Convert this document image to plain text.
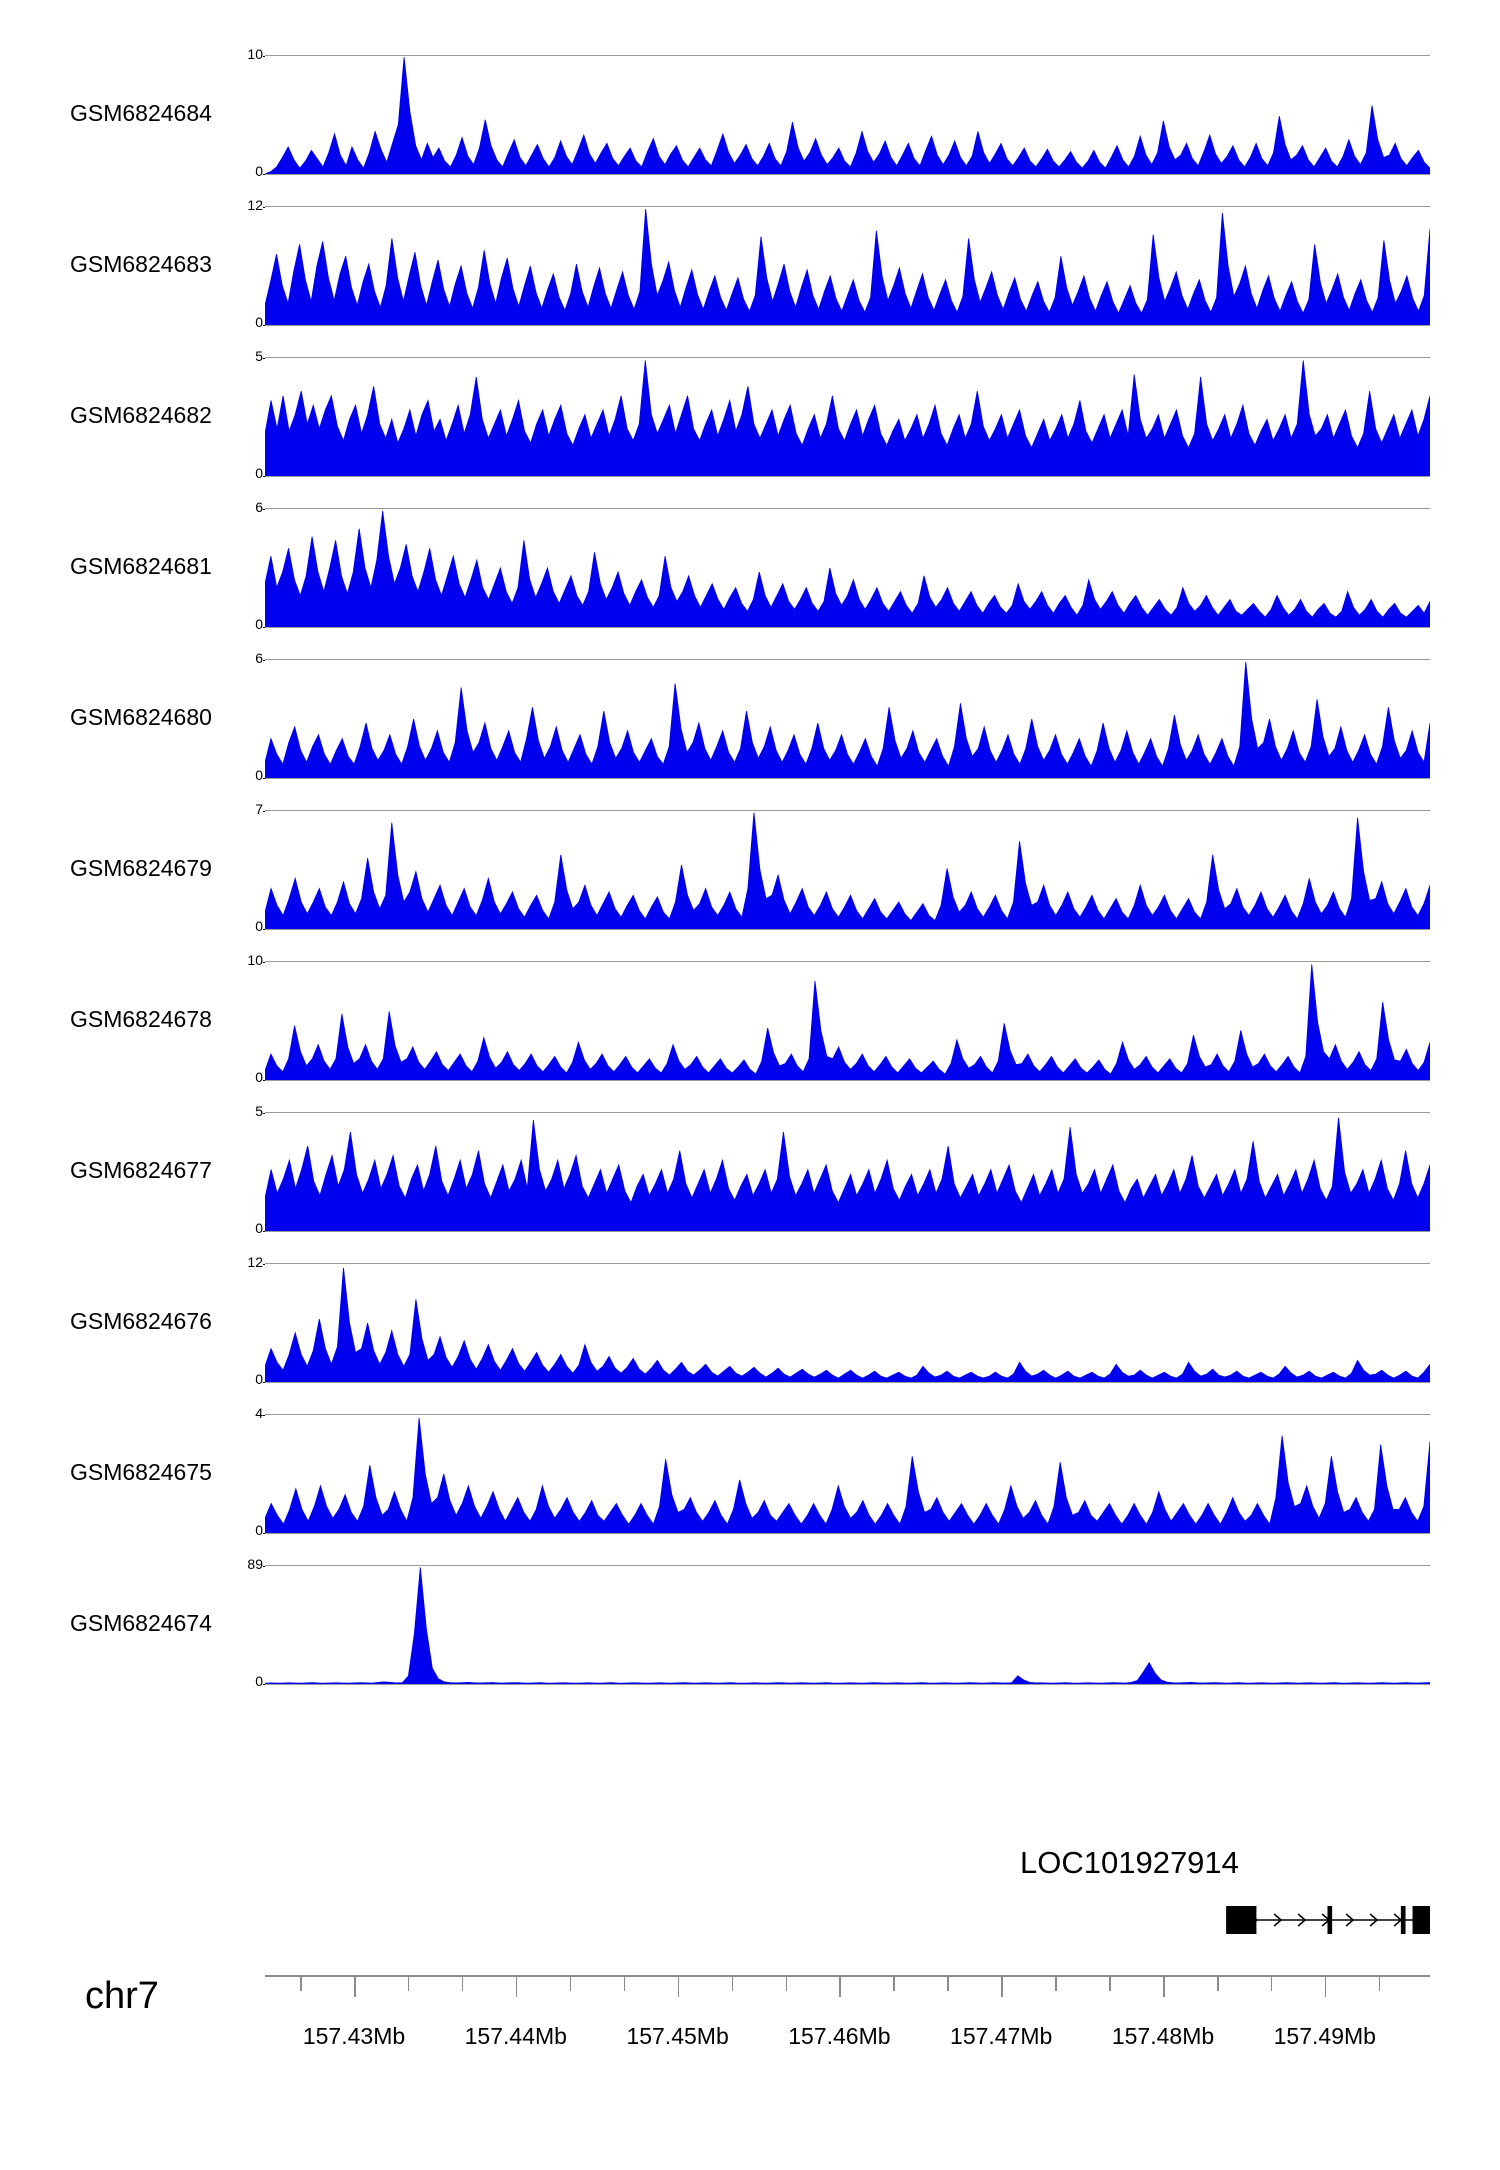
GSM6824684
10
0
GSM6824683
12
0
GSM6824682
5
0
GSM6824681
6
0
GSM6824680
6
0
GSM6824679
7
0
GSM6824678
10
0
GSM6824677
5
0
GSM6824676
12
0
GSM6824675
4
0
GSM6824674
89
0
LOC101927914
chr7
157.43Mb	157.44Mb	157.45Mb	157.46Mb	157.47Mb	157.48Mb	157.49Mb
